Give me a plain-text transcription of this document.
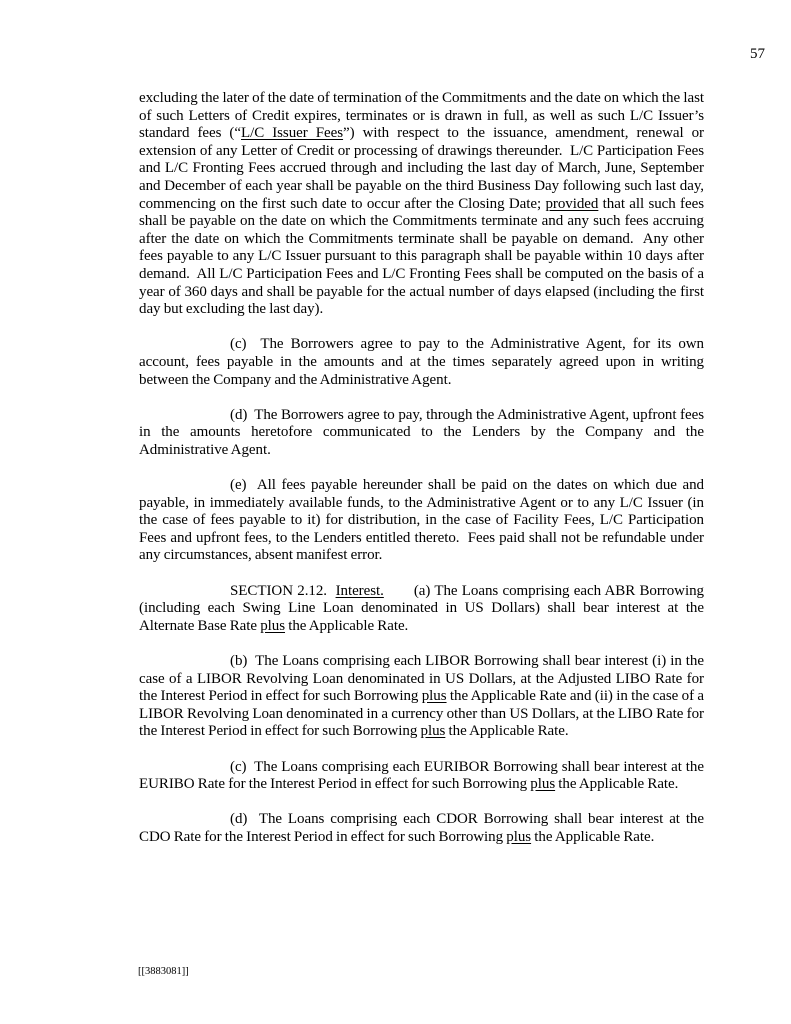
57

excluding the later of the date of termination of the Commitments and the date on which the last of such Letters of Credit expires, terminates or is drawn in full, as well as such L/C Issuer’s standard fees (“L/C Issuer Fees”) with respect to the issuance, amendment, renewal or extension of any Letter of Credit or processing of drawings thereunder.  L/C Participation Fees and L/C Fronting Fees accrued through and including the last day of March, June, September and December of each year shall be payable on the third Business Day following such last day, commencing on the first such date to occur after the Closing Date; provided that all such fees shall be payable on the date on which the Commitments terminate and any such fees accruing after the date on which the Commitments terminate shall be payable on demand.  Any other fees payable to any L/C Issuer pursuant to this paragraph shall be payable within 10 days after demand.  All L/C Participation Fees and L/C Fronting Fees shall be computed on the basis of a year of 360 days and shall be payable for the actual number of days elapsed (including the first day but excluding the last day).

(c)  The Borrowers agree to pay to the Administrative Agent, for its own account, fees payable in the amounts and at the times separately agreed upon in writing between the Company and the Administrative Agent.

(d)  The Borrowers agree to pay, through the Administrative Agent, upfront fees in the amounts heretofore communicated to the Lenders by the Company and the Administrative Agent.

(e)  All fees payable hereunder shall be paid on the dates on which due and payable, in immediately available funds, to the Administrative Agent or to any L/C Issuer (in the case of fees payable to it) for distribution, in the case of Facility Fees, L/C Participation Fees and upfront fees, to the Lenders entitled thereto.  Fees paid shall not be refundable under any circumstances, absent manifest error.

SECTION 2.12.  Interest. (a) The Loans comprising each ABR Borrowing (including each Swing Line Loan denominated in US Dollars) shall bear interest at the Alternate Base Rate plus the Applicable Rate.

(b)  The Loans comprising each LIBOR Borrowing shall bear interest (i) in the case of a LIBOR Revolving Loan denominated in US Dollars, at the Adjusted LIBO Rate for the Interest Period in effect for such Borrowing plus the Applicable Rate and (ii) in the case of a LIBOR Revolving Loan denominated in a currency other than US Dollars, at the LIBO Rate for the Interest Period in effect for such Borrowing plus the Applicable Rate.

(c)  The Loans comprising each EURIBOR Borrowing shall bear interest at the EURIBO Rate for the Interest Period in effect for such Borrowing plus the Applicable Rate.

(d)  The Loans comprising each CDOR Borrowing shall bear interest at the CDO Rate for the Interest Period in effect for such Borrowing plus the Applicable Rate.

[[3883081]]
